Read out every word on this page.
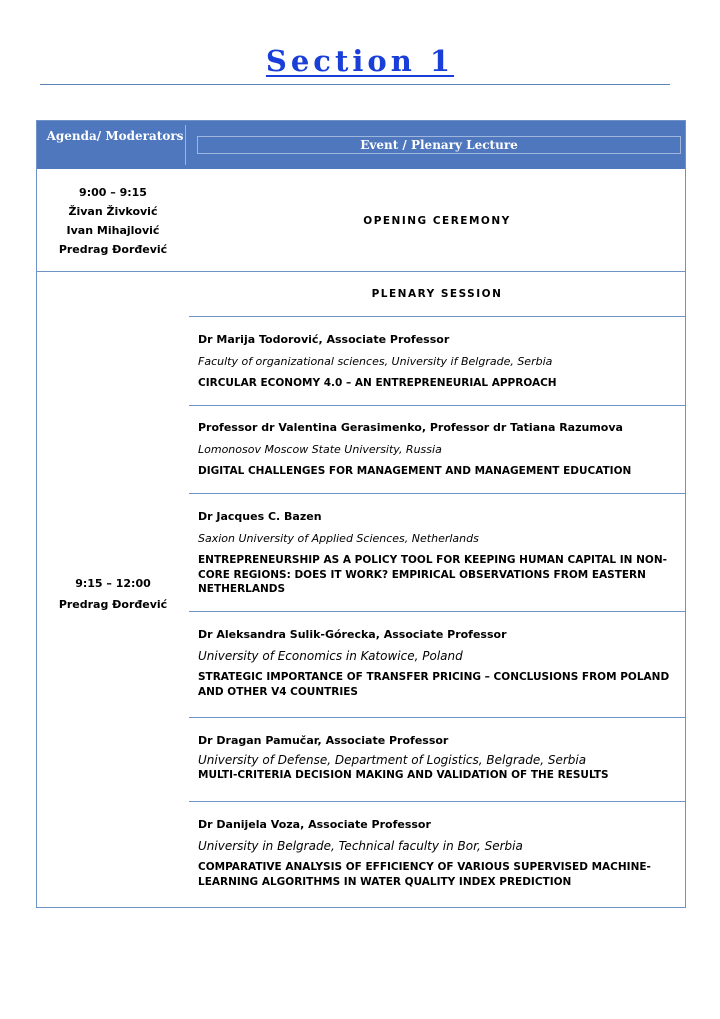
Section 1
Agenda/ Moderators
Event / Plenary Lecture
9:00 – 9:15
Živan Živković
Ivan Mihajlović
Predrag Đorđević
OPENING CEREMONY
PLENARY SESSION
9:15 – 12:00
Predrag Đorđević
Dr Marija Todorović, Associate Professor
Faculty of organizational sciences, University if Belgrade, Serbia
CIRCULAR ECONOMY 4.0 – AN ENTREPRENEURIAL APPROACH
Professor dr Valentina Gerasimenko, Professor dr Tatiana Razumova
Lomonosov Moscow State University, Russia
DIGITAL CHALLENGES FOR MANAGEMENT AND MANAGEMENT EDUCATION
Dr Jacques C. Bazen
Saxion University of Applied Sciences, Netherlands
ENTREPRENEURSHIP AS A POLICY TOOL FOR KEEPING HUMAN CAPITAL IN NON-CORE REGIONS: DOES IT WORK? EMPIRICAL OBSERVATIONS FROM EASTERN NETHERLANDS
Dr Aleksandra Sulik-Górecka, Associate Professor
University of Economics in Katowice, Poland
STRATEGIC IMPORTANCE OF TRANSFER PRICING – CONCLUSIONS FROM POLAND AND OTHER V4 COUNTRIES
Dr Dragan Pamučar, Associate Professor
University of Defense, Department of Logistics, Belgrade, Serbia
MULTI-CRITERIA DECISION MAKING AND VALIDATION OF THE RESULTS
Dr Danijela Voza, Associate Professor
University in Belgrade, Technical faculty in Bor, Serbia
COMPARATIVE ANALYSIS OF EFFICIENCY OF VARIOUS SUPERVISED MACHINE-LEARNING ALGORITHMS IN WATER QUALITY INDEX PREDICTION
